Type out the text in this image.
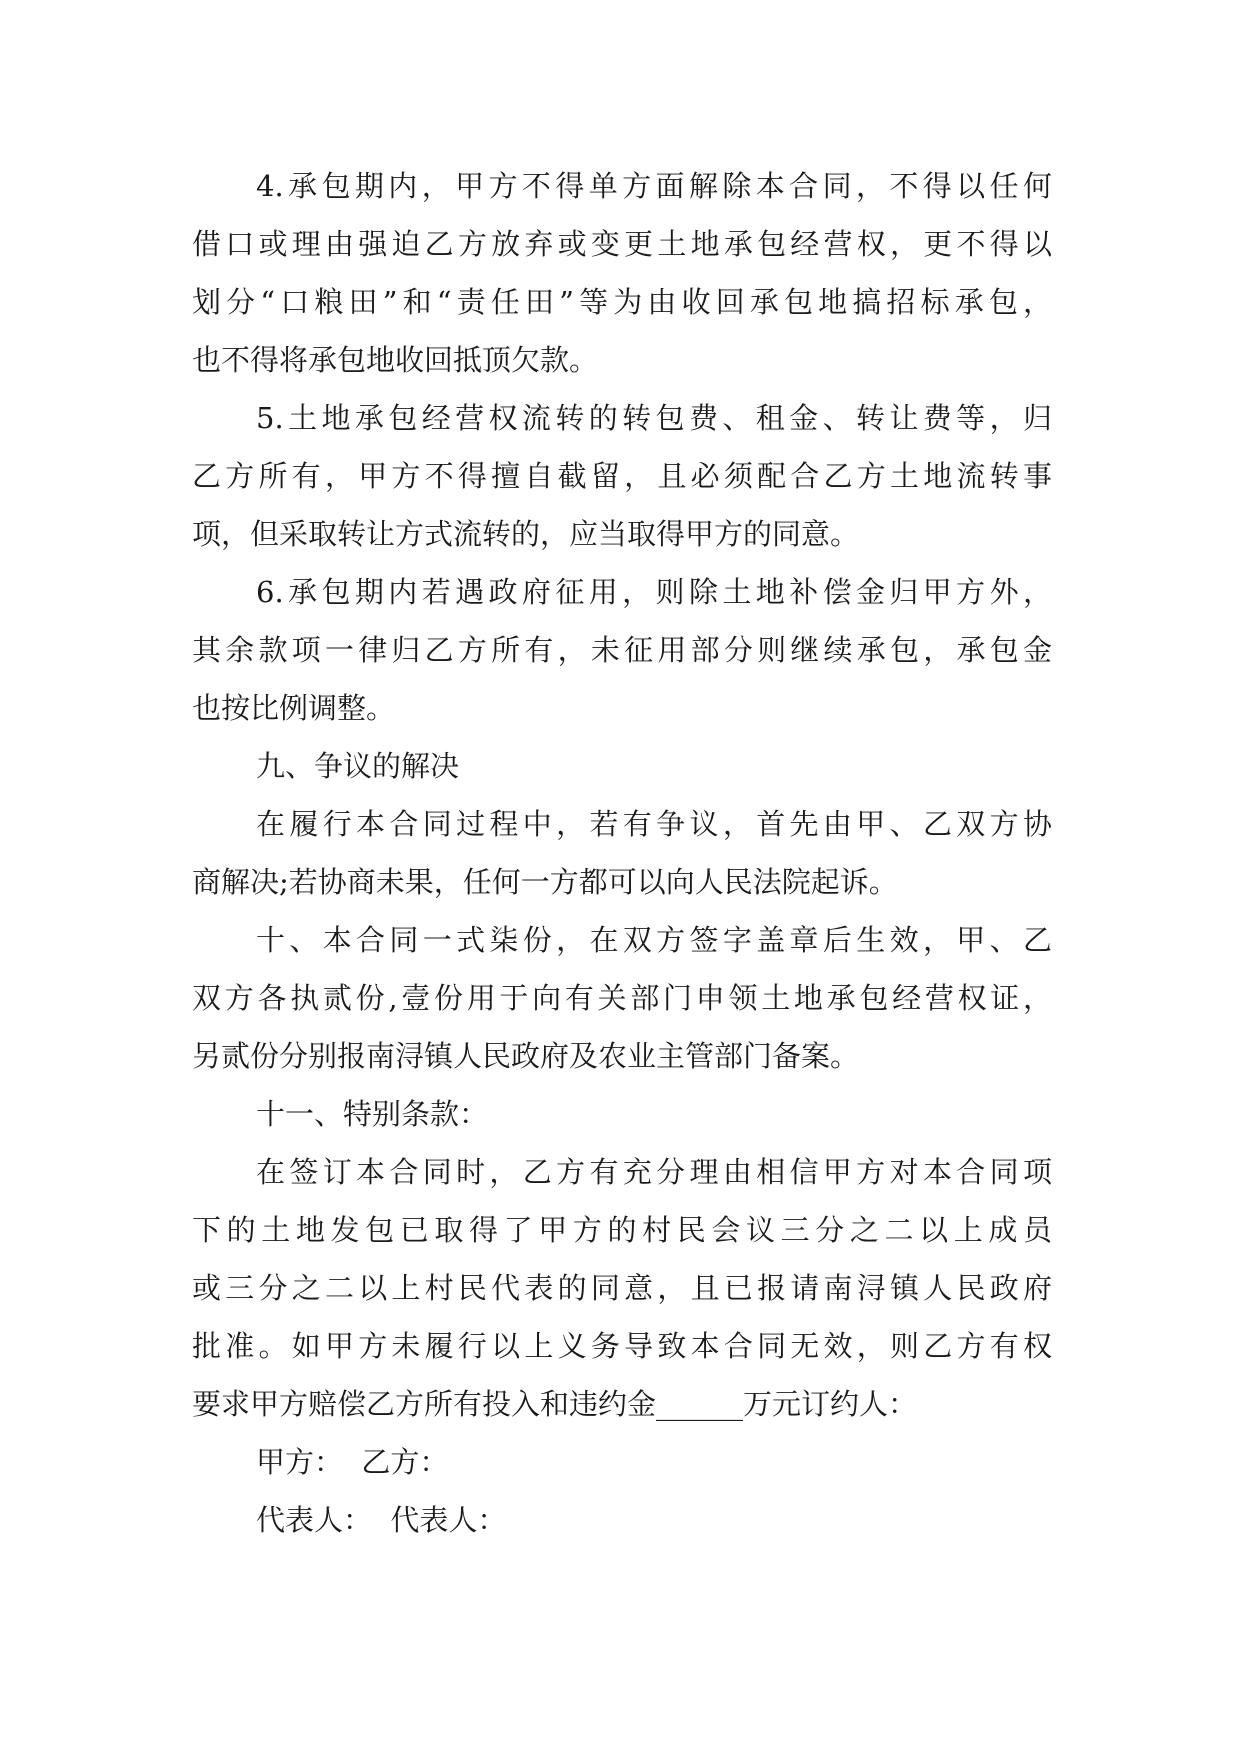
4.承包期内，甲方不得单方面解除本合同，不得以任何
借口或理由强迫乙方放弃或变更土地承包经营权，更不得以
划分“口粮田”和“责任田”等为由收回承包地搞招标承包，
也不得将承包地收回抵顶欠款。
5.土地承包经营权流转的转包费、租金、转让费等，归
乙方所有，甲方不得擅自截留，且必须配合乙方土地流转事
项，但采取转让方式流转的，应当取得甲方的同意。
6.承包期内若遇政府征用，则除土地补偿金归甲方外，
其余款项一律归乙方所有，未征用部分则继续承包，承包金
也按比例调整。
九、争议的解决
在履行本合同过程中，若有争议，首先由甲、乙双方协
商解决;若协商未果，任何一方都可以向人民法院起诉。
十、本合同一式柒份，在双方签字盖章后生效，甲、乙
双方各执贰份,壹份用于向有关部门申领土地承包经营权证，
另贰份分别报南浔镇人民政府及农业主管部门备案。
十一、特别条款：
在签订本合同时，乙方有充分理由相信甲方对本合同项
下的土地发包已取得了甲方的村民会议三分之二以上成员
或三分之二以上村民代表的同意，且已报请南浔镇人民政府
批准。如甲方未履行以上义务导致本合同无效，则乙方有权
要求甲方赔偿乙方所有投入和违约金______万元订约人：
甲方：  乙方：
代表人：  代表人：
